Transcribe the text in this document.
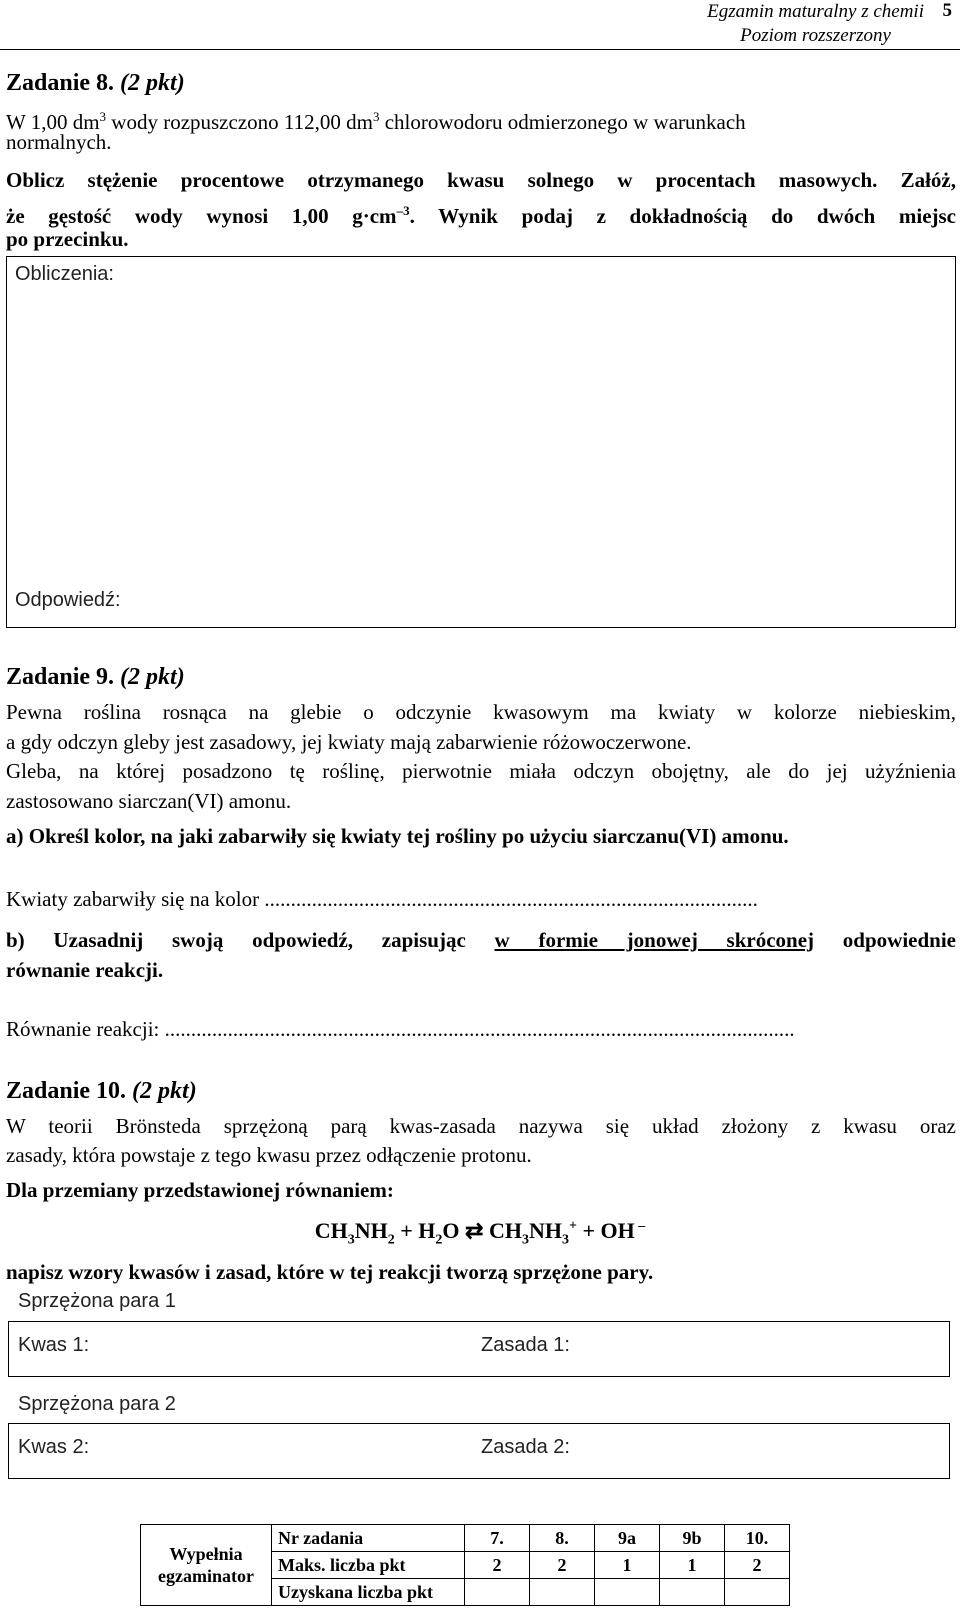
Egzamin maturalny z chemii
Poziom rozszerzony
5
Zadanie 8. (2 pkt)
W 1,00 $dm^3$ wody rozpuszczono 112,00 $dm^3$ chlorowodoru odmierzonego w warunkach
normalnych.
Oblicz stężenie procentowe otrzymanego kwasu solnego w procentach masowych. Załóż,
że gęstość wody wynosi 1,00 $g\cdot cm^{-3}$. Wynik podaj z dokładnością do dwóch miejsc
po przecinku.
Obliczenia:
Odpowiedź:
Zadanie 9. (2 pkt)
Pewna roślina rosnąca na glebie o odczynie kwasowym ma kwiaty w kolorze niebieskim,
a gdy odczyn gleby jest zasadowy, jej kwiaty mają zabarwienie różowoczerwone.
Gleba, na której posadzono tę roślinę, pierwotnie miała odczyn obojętny, ale do jej użyźnienia
zastosowano siarczan(VI) amonu.
a) Określ kolor, na jaki zabarwiły się kwiaty tej rośliny po użyciu siarczanu(VI) amonu.
Kwiaty zabarwiły się na kolor ..............................................................................................
b) Uzasadnij swoją odpowiedź, zapisując w formie jonowej skróconej odpowiednie
równanie reakcji.
Równanie reakcji: ........................................................................................................................
Zadanie 10. (2 pkt)
W teorii Brönsteda sprzężoną parą kwas-zasada nazywa się układ złożony z kwasu oraz
zasady, która powstaje z tego kwasu przez odłączenie protonu.
Dla przemiany przedstawionej równaniem:
$CH_3NH_2 + H_2O$ ⇄ $CH_3NH_3^+$ + OH –
napisz wzory kwasów i zasad, które w tej reakcji tworzą sprzężone pary.
Sprzężona para 1
Kwas 1:	Zasada 1:
Sprzężona para 2
Kwas 2:	Zasada 2:
Wypełnia
egzaminator	Nr zadania	7.	8.	9a	9b	10.
	Maks. liczba pkt	2	2	1	1	2
	Uzyskana liczba pkt					
